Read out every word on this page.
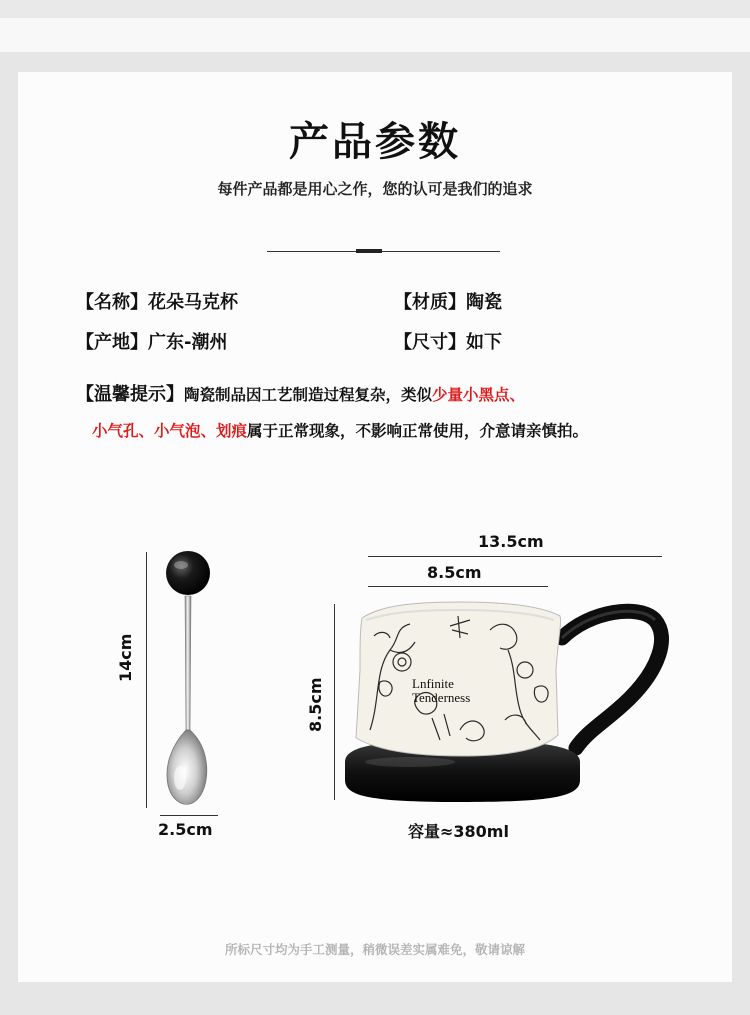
产品参数
每件产品都是用心之作，您的认可是我们的追求
【名称】花朵马克杯	【材质】陶瓷
【产地】广东-潮州	【尺寸】如下
【温馨提示】陶瓷制品因工艺制造过程复杂，类似少量小黑点、
小气孔、小气泡、划痕属于正常现象，不影响正常使用，介意请亲慎拍。
14cm
2.5cm
Lnfinite
Tenderness
13.5cm
8.5cm
8.5cm
容量≈380ml
所标尺寸均为手工测量，稍微误差实属难免，敬请谅解
